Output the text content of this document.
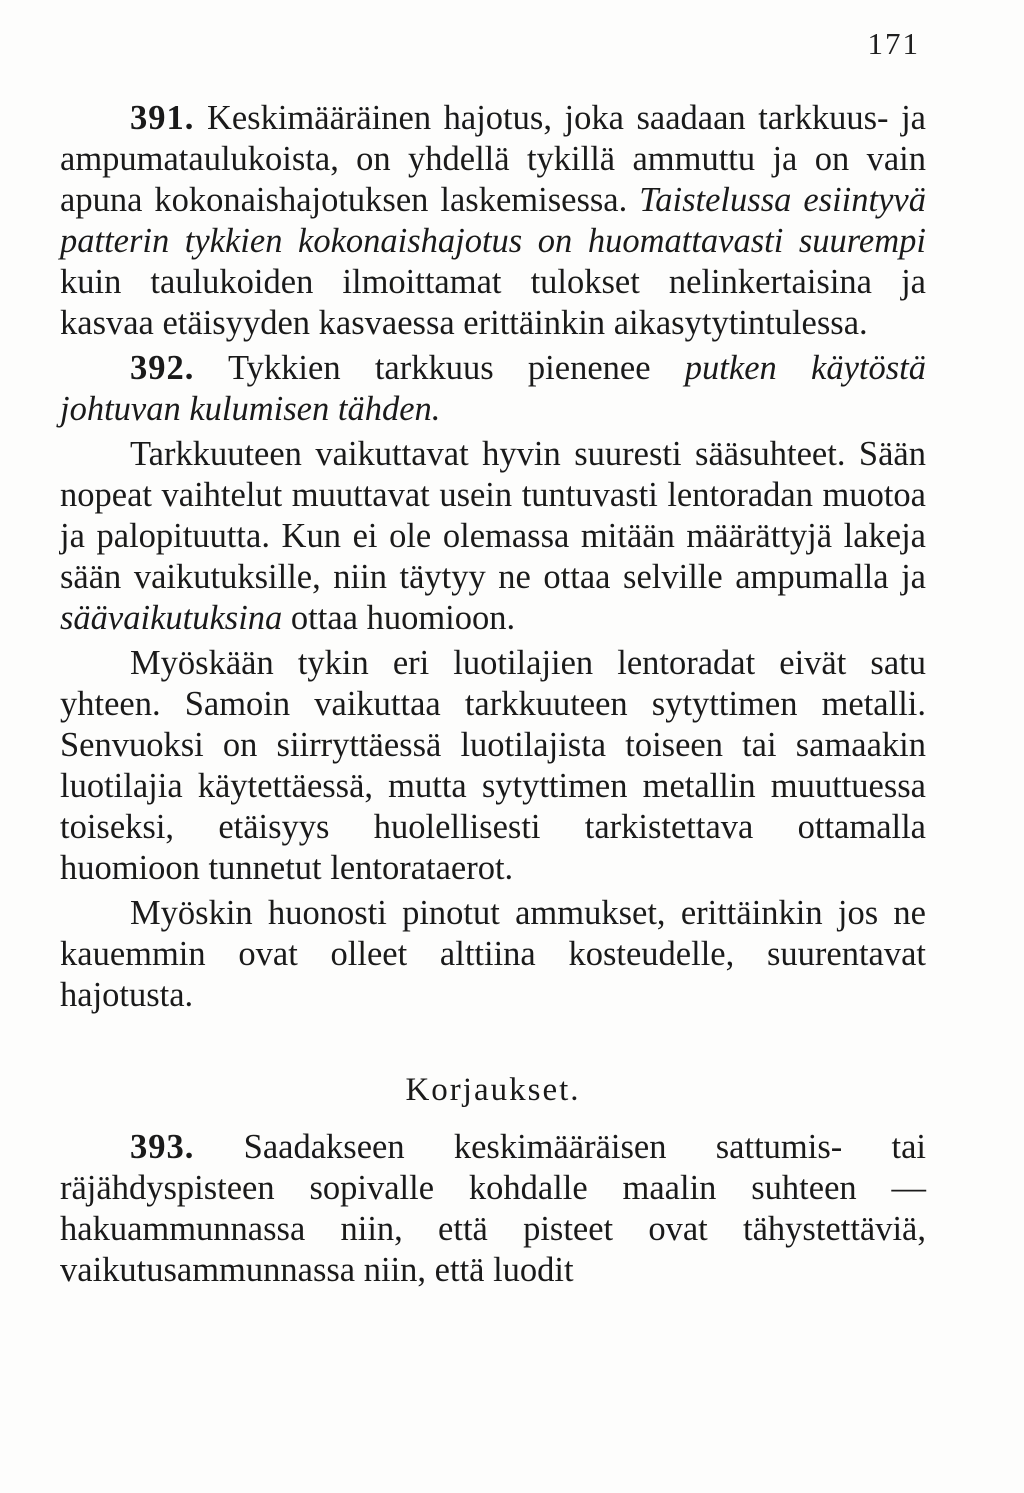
171

391. Keskimääräinen hajotus, joka saadaan tarkkuus- ja ampumataulukoista, on yhdellä tykillä ammuttu ja on vain apuna kokonaishajotuksen laskemisessa. Taistelussa esiintyvä patterin tykkien kokonaishajotus on huomattavasti suurempi kuin taulukoiden ilmoittamat tulokset nelinkertaisina ja kasvaa etäisyyden kasvaessa erittäinkin aikasytytintulessa.

392. Tykkien tarkkuus pienenee putken käytöstä johtuvan kulumisen tähden.

Tarkkuuteen vaikuttavat hyvin suuresti sääsuhteet. Sään nopeat vaihtelut muuttavat usein tuntuvasti lentoradan muotoa ja palopituutta. Kun ei ole olemassa mitään määrättyjä lakeja sään vaikutuksille, niin täytyy ne ottaa selville ampumalla ja säävaikutuksina ottaa huomioon.

Myöskään tykin eri luotilajien lentoradat eivät satu yhteen. Samoin vaikuttaa tarkkuuteen sytyttimen metalli. Senvuoksi on siirryttäessä luotilajista toiseen tai samaakin luotilajia käytettäessä, mutta sytyttimen metallin muuttuessa toiseksi, etäisyys huolellisesti tarkistettava ottamalla huomioon tunnetut lentorataerot.

Myöskin huonosti pinotut ammukset, erittäinkin jos ne kauemmin ovat olleet alttiina kosteudelle, suurentavat hajotusta.

Korjaukset.

393. Saadakseen keskimääräisen sattumis- tai räjähdyspisteen sopivalle kohdalle maalin suhteen — hakuammunnassa niin, että pisteet ovat tähystettäviä, vaikutusammunnassa niin, että luodit
